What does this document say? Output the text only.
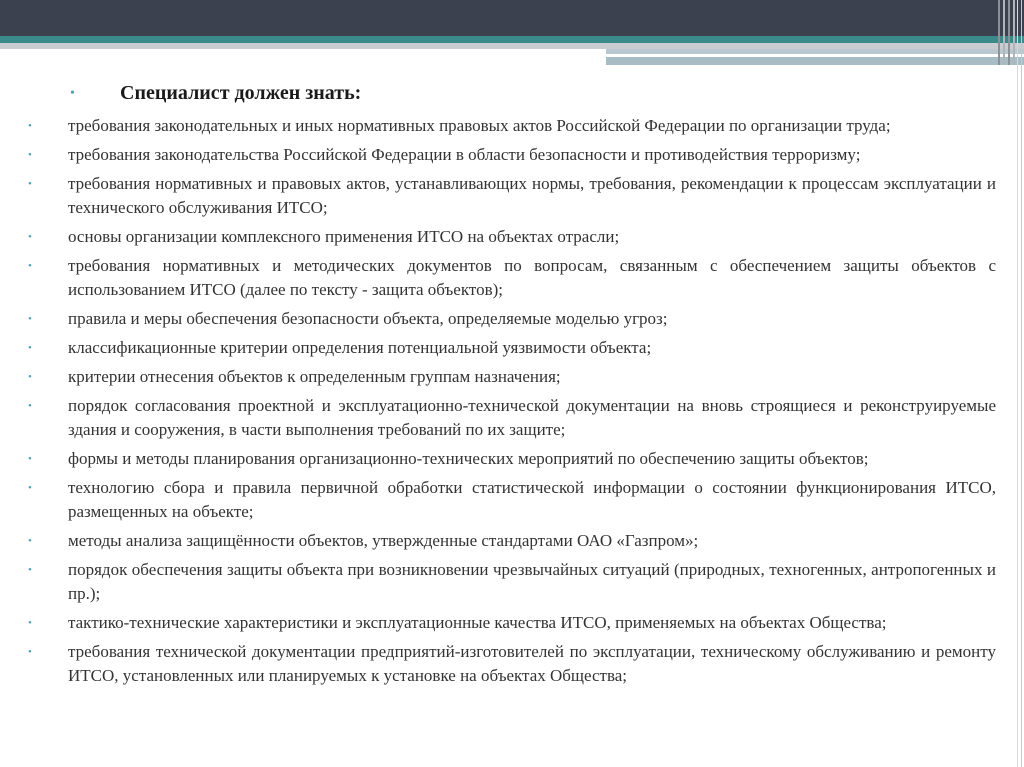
• Специалист должен знать:
• требования законодательных и иных нормативных правовых актов Российской Федерации по организации труда;
• требования законодательства Российской Федерации в области безопасности и противодействия терроризму;
• требования нормативных и правовых актов, устанавливающих нормы, требования, рекомендации к процессам эксплуатации и технического обслуживания ИТСО;
• основы организации комплексного применения ИТСО на объектах отрасли;
• требования нормативных и методических документов по вопросам, связанным с обеспечением защиты объектов с использованием ИТСО (далее по тексту - защита объектов);
• правила и меры обеспечения безопасности объекта, определяемые моделью угроз;
• классификационные критерии определения потенциальной уязвимости объекта;
• критерии отнесения объектов к определенным группам назначения;
• порядок согласования проектной и эксплуатационно-технической документации на вновь строящиеся и реконструируемые здания и сооружения, в части выполнения требований по их защите;
• формы и методы планирования организационно-технических мероприятий по обеспечению защиты объектов;
• технологию сбора и правила первичной обработки статистической информации о состоянии функционирования ИТСО, размещенных на объекте;
• методы анализа защищённости объектов, утвержденные стандартами ОАО «Газпром»;
• порядок обеспечения защиты объекта при возникновении чрезвычайных ситуаций (природных, техногенных, антропогенных и пр.);
• тактико-технические характеристики и эксплуатационные качества ИТСО, применяемых на объектах Общества;
• требования технической документации предприятий-изготовителей по эксплуатации, техническому обслуживанию и ремонту ИТСО, установленных или планируемых к установке на объектах Общества;
